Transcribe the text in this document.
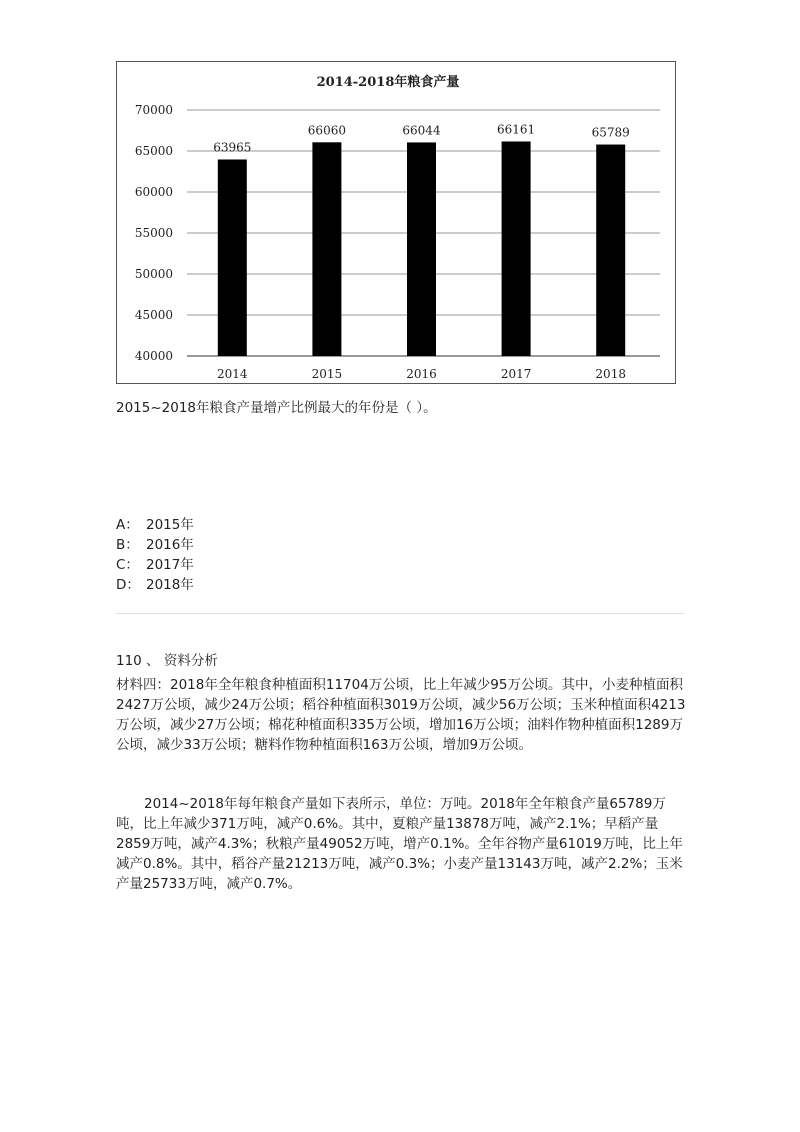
2014-2018年粮食产量
40000
45000
50000
55000
60000
65000
70000
63965
66060	66044	66161	65789
2014	2015	2016	2017	2018
2015~2018年粮食产量增产比例最大的年份是（ ）。
A： 2015年
B： 2016年
C： 2017年
D： 2018年
110 、 资料分析
材料四：2018年全年粮食种植面积11704万公顷，比上年减少95万公顷。其中，小麦种植面积2427万公顷，减少24万公顷；稻谷种植面积3019万公顷，减少56万公顷；玉米种植面积4213万公顷，减少27万公顷；棉花种植面积335万公顷，增加16万公顷；油料作物种植面积1289万公顷，减少33万公顷；糖料作物种植面积163万公顷，增加9万公顷。
2014~2018年每年粮食产量如下表所示，单位：万吨。2018年全年粮食产量65789万吨，比上年减少371万吨，减产0.6%。其中，夏粮产量13878万吨，减产2.1%；早稻产量2859万吨，减产4.3%；秋粮产量49052万吨，增产0.1%。全年谷物产量61019万吨，比上年减产0.8%。其中，稻谷产量21213万吨，减产0.3%；小麦产量13143万吨，减产2.2%；玉米产量25733万吨，减产0.7%。
